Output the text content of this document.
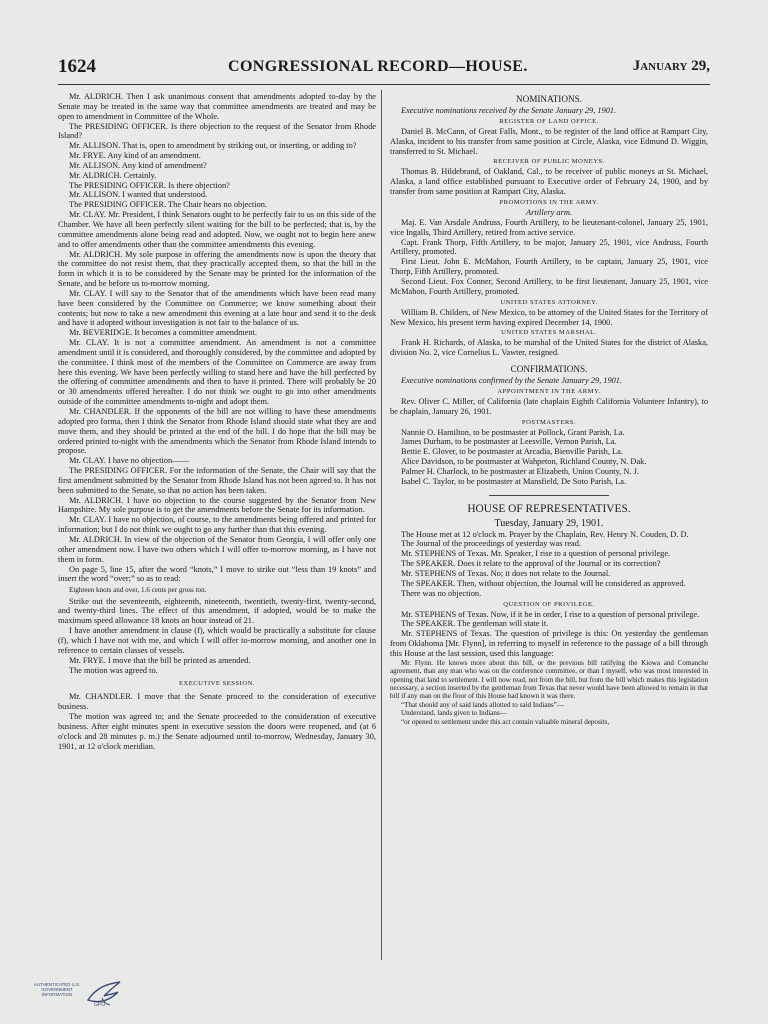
1624	CONGRESSIONAL RECORD—HOUSE.	January 29,

Mr. ALDRICH. Then I ask unanimous consent that amendments adopted to-day by the Senate may be treated in the same way that committee amendments are treated and may be open to amendment in Committee of the Whole.

The PRESIDING OFFICER. Is there objection to the request of the Senator from Rhode Island?

Mr. ALLISON. That is, open to amendment by striking out, or inserting, or adding to?

Mr. FRYE. Any kind of an amendment.

Mr. ALLISON. Any kind of amendment?

Mr. ALDRICH. Certainly.

The PRESIDING OFFICER. Is there objection?

Mr. ALLISON. I wanted that understood.

The PRESIDING OFFICER. The Chair hears no objection.

Mr. CLAY. Mr. President, I think Senators ought to be perfectly fair to us on this side of the Chamber. We have all been perfectly silent waiting for the bill to be perfected; that is, by the committee amendments alone being read and adopted. Now, we ought not to begin here anew and to offer amendments other than the committee amendments this evening.

Mr. ALDRICH. My sole purpose in offering the amendments now is upon the theory that the committee do not resist them, that they practically accepted them, so that the bill in the form in which it is to be considered by the Senate may be printed for the information of the Senate, and be before us to-morrow morning.

Mr. CLAY. I will say to the Senator that of the amendments which have been read many have been considered by the Committee on Commerce; we know something about their contents; but now to take a new amendment this evening at a late hour and send it to the desk and have it adopted without investigation is not fair to the balance of us.

Mr. BEVERIDGE. It becomes a committee amendment.

Mr. CLAY. It is not a committee amendment. An amendment is not a committee amendment until it is considered, and thoroughly considered, by the committee and adopted by the committee. I think most of the members of the Committee on Commerce are away from here this evening. We have been perfectly willing to stand here and have the bill perfected by the offering of committee amendments and then to have it printed. There will probably be 20 or 30 amendments offered hereafter. I do not think we ought to go into other amendments outside of the committee amendments to-night and adopt them.

Mr. CHANDLER. If the opponents of the bill are not willing to have these amendments adopted pro forma, then I think the Senator from Rhode Island should state what they are and move them, and they should be printed at the end of the bill. I do hope that the bill may be ordered printed to-night with the amendments which the Senator from Rhode Island intends to propose.

Mr. CLAY. I have no objection——

The PRESIDING OFFICER. For the information of the Senate, the Chair will say that the first amendment submitted by the Senator from Rhode Island has not been agreed to. It has not been submitted to the Senate, so that no action has been taken.

Mr. ALDRICH. I have no objection to the course suggested by the Senator from New Hampshire. My sole purpose is to get the amendments before the Senate for its information.

Mr. CLAY. I have no objection, of course, to the amendments being offered and printed for information; but I do not think we ought to go any further than that this evening.

Mr. ALDRICH. In view of the objection of the Senator from Georgia, I will offer only one other amendment now. I have two others which I will offer to-morrow morning, as I have not them in form.

On page 5, line 15, after the word “knots,” I move to strike out “less than 19 knots” and insert the word “over;” so as to read:

Eighteen knots and over, 1.6 cents per gross ton.

Strike out the seventeenth, eighteenth, nineteenth, twentieth, twenty-first, twenty-second, and twenty-third lines. The effect of this amendment, if adopted, would be to make the maximum speed allowance 18 knots an hour instead of 21.

I have another amendment in clause (f), which would be practically a substitute for clause (f), which I have not with me, and which I will offer to-morrow morning, and another one in reference to certain classes of vessels.

Mr. FRYE. I move that the bill be printed as amended.

The motion was agreed to.

EXECUTIVE SESSION.

Mr. CHANDLER. I move that the Senate proceed to the consideration of executive business.

The motion was agreed to; and the Senate proceeded to the consideration of executive business. After eight minutes spent in executive session the doors were reopened, and (at 6 o'clock and 28 minutes p. m.) the Senate adjourned until to-morrow, Wednesday, January 30, 1901, at 12 o'clock meridian.

NOMINATIONS.

Executive nominations received by the Senate January 29, 1901.

REGISTER OF LAND OFFICE.

Daniel B. McCann, of Great Falls, Mont., to be register of the land office at Rampart City, Alaska, incident to his transfer from same position at Circle, Alaska, vice Edmund D. Wiggin, transferred to St. Michael.

RECEIVER OF PUBLIC MONEYS.

Thomas B. Hildebrand, of Oakland, Cal., to be receiver of public moneys at St. Michael, Alaska, a land office established pursuant to Executive order of February 24, 1900, and by transfer from same position at Rampart City, Alaska.

PROMOTIONS IN THE ARMY.
Artillery arm.

Maj. E. Van Arsdale Andruss, Fourth Artillery, to be lieutenant-colonel, January 25, 1901, vice Ingalls, Third Artillery, retired from active service.

Capt. Frank Thorp, Fifth Artillery, to be major, January 25, 1901, vice Andruss, Fourth Artillery, promoted.

First Lieut. John E. McMahon, Fourth Artillery, to be captain, January 25, 1901, vice Thorp, Fifth Artillery, promoted.

Second Lieut. Fox Conner, Second Artillery, to be first lieutenant, January 25, 1901, vice McMahon, Fourth Artillery, promoted.

UNITED STATES ATTORNEY.

William B. Childers, of New Mexico, to be attorney of the United States for the Territory of New Mexico, his present term having expired December 14, 1900.

UNITED STATES MARSHAL.

Frank H. Richards, of Alaska, to be marshal of the United States for the district of Alaska, division No. 2, vice Cornelius L. Vawter, resigned.

CONFIRMATIONS.

Executive nominations confirmed by the Senate January 29, 1901.

APPOINTMENT IN THE ARMY.

Rev. Oliver C. Miller, of California (late chaplain Eighth California Volunteer Infantry), to be chaplain, January 26, 1901.

POSTMASTERS.

Nannie O. Hamilton, to be postmaster at Pollock, Grant Parish, La.

James Durham, to be postmaster at Leesville, Vernon Parish, La.

Bettie E. Glover, to be postmaster at Arcadia, Bienville Parish, La.

Alice Davidson, to be postmaster at Wahpeton, Richland County, N. Dak.

Palmer H. Charlock, to be postmaster at Elizabeth, Union County, N. J.

Isabel C. Taylor, to be postmaster at Mansfield, De Soto Parish, La.

HOUSE OF REPRESENTATIVES.
Tuesday, January 29, 1901.

The House met at 12 o'clock m. Prayer by the Chaplain, Rev. Henry N. Couden, D. D.

The Journal of the proceedings of yesterday was read.

Mr. STEPHENS of Texas. Mr. Speaker, I rise to a question of personal privilege.

The SPEAKER. Does it relate to the approval of the Journal or its correction?

Mr. STEPHENS of Texas. No; it does not relate to the Journal.

The SPEAKER. Then, without objection, the Journal will be considered as approved.

There was no objection.

QUESTION OF PRIVILEGE.

Mr. STEPHENS of Texas. Now, if it be in order, I rise to a question of personal privilege.

The SPEAKER. The gentleman will state it.

Mr. STEPHENS of Texas. The question of privilege is this: On yesterday the gentleman from Oklahoma [Mr. Flynn], in referring to myself in reference to the passage of a bill through this House at the last session, used this language:

Mr. Flynn. He knows more about this bill, or the previous bill ratifying the Kiowa and Comanche agreement, than any man who was on the conference committee, or than I myself, who was most interested in opening that land to settlement. I will now read, not from the bill, but from the bill which makes this legislation necessary, a section inserted by the gentleman from Texas that never would have been allowed to remain in that bill if any man on the floor of this House had known it was there.

“That should any of said lands allotted to said Indians”—

Understand, lands given to Indians—

“or opened to settlement under this act contain valuable mineral deposits,

AUTHENTICATED U.S. GOVERNMENT INFORMATION
GPO
